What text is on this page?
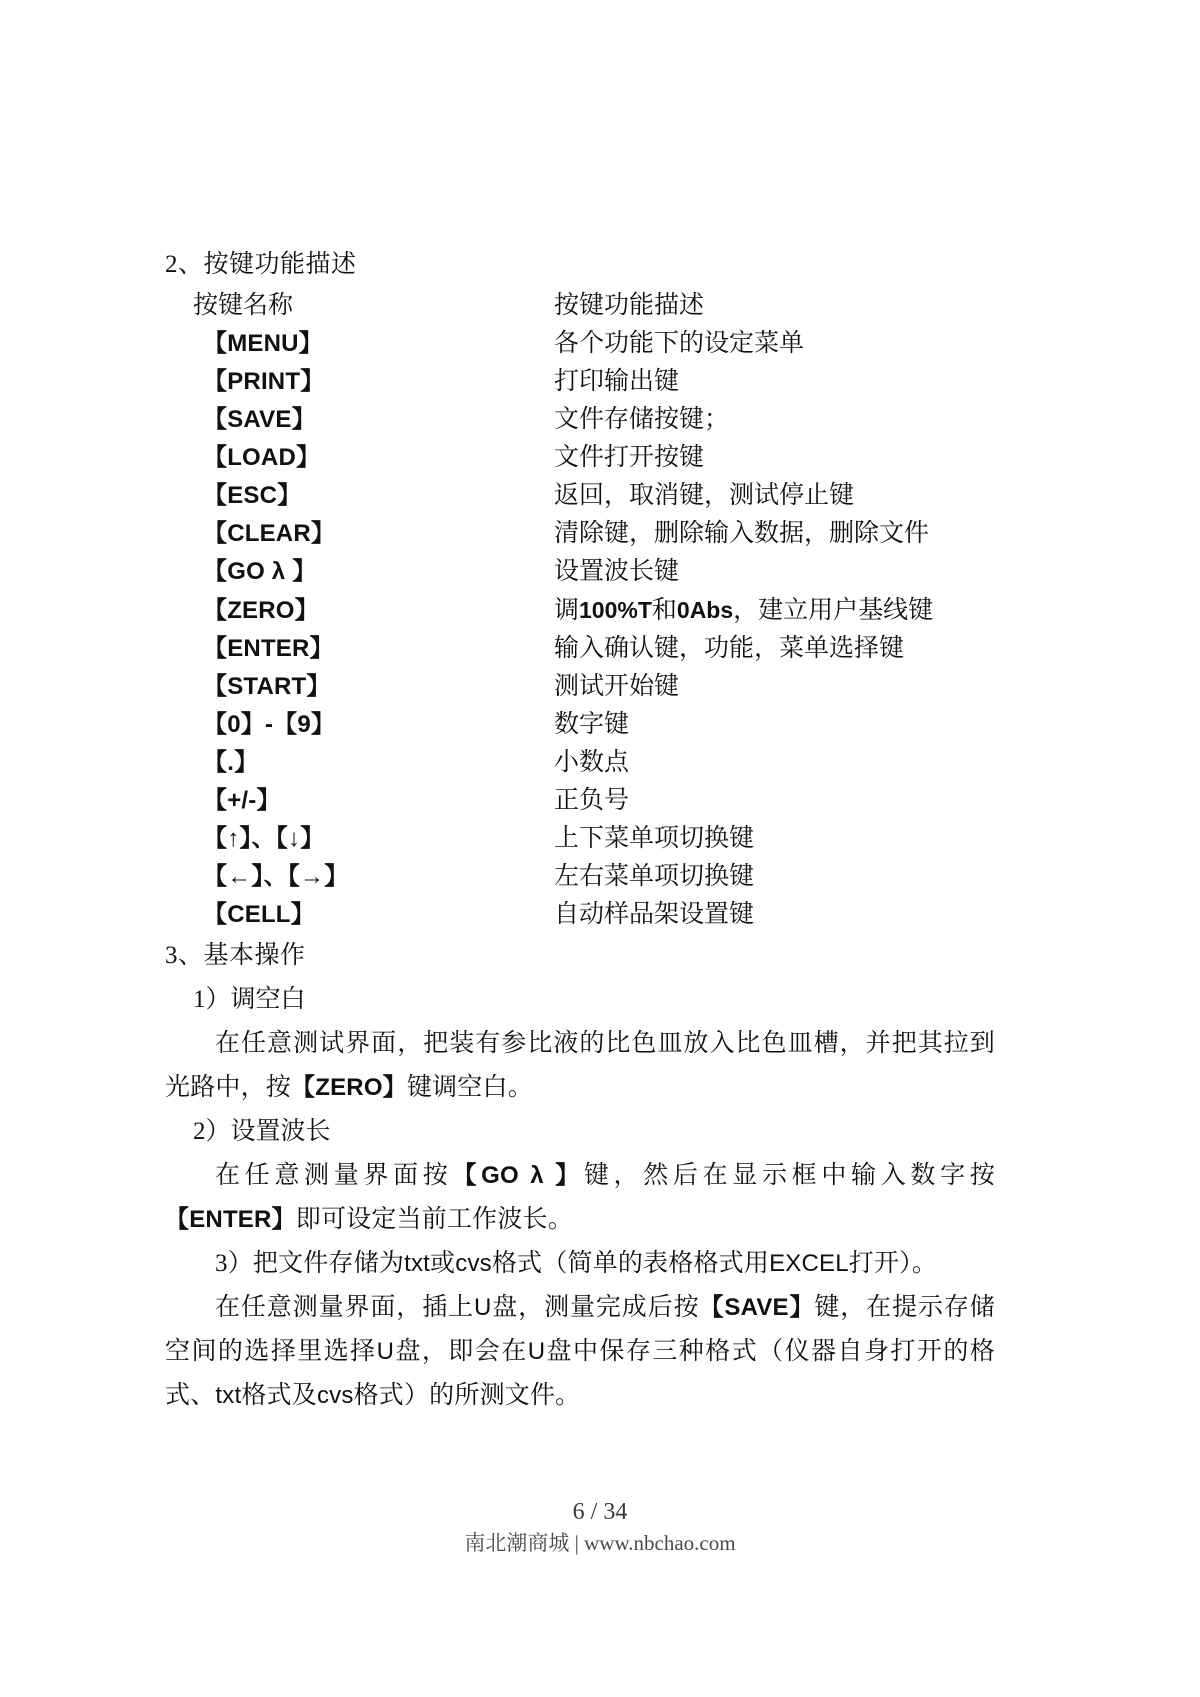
2、按键功能描述
按键名称	按键功能描述
【MENU】	各个功能下的设定菜单
【PRINT】	打印输出键
【SAVE】	文件存储按键；
【LOAD】	文件打开按键
【ESC】	返回，取消键，测试停止键
【CLEAR】	清除键，删除输入数据，删除文件
【GO λ 】	设置波长键
【ZERO】	调100%T和0Abs，建立用户基线键
【ENTER】	输入确认键，功能，菜单选择键
【START】	测试开始键
【0】-【9】	数字键
【.】	小数点
【+/-】	正负号
【↑】、【↓】	上下菜单项切换键
【←】、【→】	左右菜单项切换键
【CELL】	自动样品架设置键
3、基本操作
1）调空白
在任意测试界面，把装有参比液的比色皿放入比色皿槽，并把其拉到光路中，按【ZERO】键调空白。
2）设置波长
在任意测量界面按【GO λ 】键，然后在显示框中输入数字按【ENTER】即可设定当前工作波长。
3）把文件存储为txt或cvs格式（简单的表格格式用EXCEL打开）。
在任意测量界面，插上U盘，测量完成后按【SAVE】键，在提示存储空间的选择里选择U盘，即会在U盘中保存三种格式（仪器自身打开的格式、txt格式及cvs格式）的所测文件。
6 / 34
南北潮商城 | www.nbchao.com
